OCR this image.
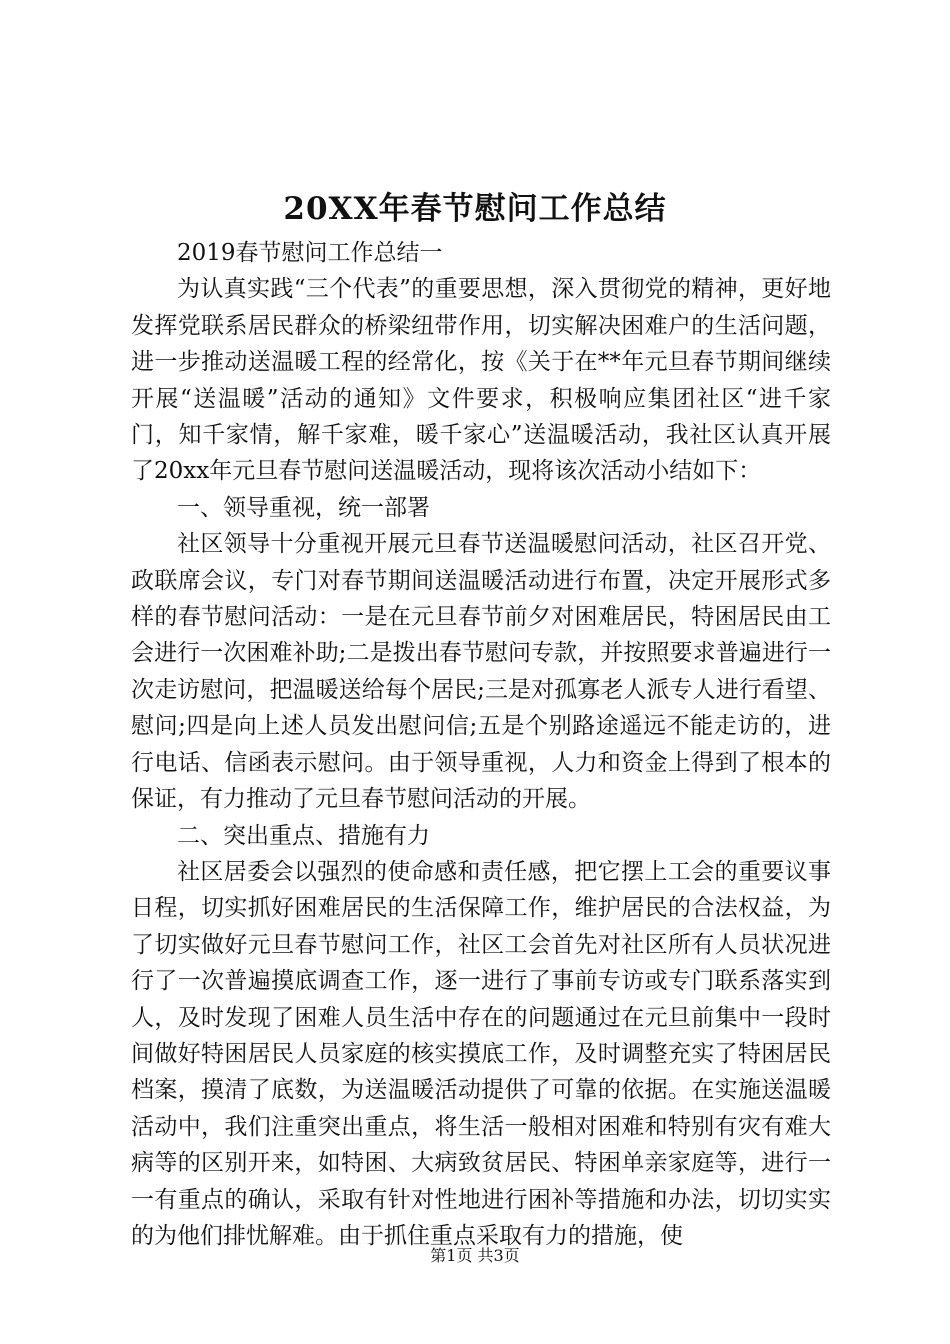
20XX年春节慰问工作总结

2019春节慰问工作总结一

为认真实践“三个代表”的重要思想，深入贯彻党的精神，更好地发挥党联系居民群众的桥梁纽带作用，切实解决困难户的生活问题，进一步推动送温暖工程的经常化，按《关于在**年元旦春节期间继续开展“送温暖”活动的通知》文件要求，积极响应集团社区“进千家门，知千家情，解千家难，暖千家心”送温暖活动，我社区认真开展了20xx年元旦春节慰问送温暖活动，现将该次活动小结如下：

一、领导重视，统一部署

社区领导十分重视开展元旦春节送温暖慰问活动，社区召开党、政联席会议，专门对春节期间送温暖活动进行布置，决定开展形式多样的春节慰问活动：一是在元旦春节前夕对困难居民，特困居民由工会进行一次困难补助;二是拨出春节慰问专款，并按照要求普遍进行一次走访慰问，把温暖送给每个居民;三是对孤寡老人派专人进行看望、慰问;四是向上述人员发出慰问信;五是个别路途遥远不能走访的，进行电话、信函表示慰问。由于领导重视，人力和资金上得到了根本的保证，有力推动了元旦春节慰问活动的开展。

二、突出重点、措施有力

社区居委会以强烈的使命感和责任感，把它摆上工会的重要议事日程，切实抓好困难居民的生活保障工作，维护居民的合法权益，为了切实做好元旦春节慰问工作，社区工会首先对社区所有人员状况进行了一次普遍摸底调查工作，逐一进行了事前专访或专门联系落实到人，及时发现了困难人员生活中存在的问题通过在元旦前集中一段时间做好特困居民人员家庭的核实摸底工作，及时调整充实了特困居民档案，摸清了底数，为送温暖活动提供了可靠的依据。在实施送温暖活动中，我们注重突出重点，将生活一般相对困难和特别有灾有难大病等的区别开来，如特困、大病致贫居民、特困单亲家庭等，进行一一有重点的确认，采取有针对性地进行困补等措施和办法，切切实实的为他们排忧解难。由于抓住重点采取有力的措施，使

第1页 共3页
